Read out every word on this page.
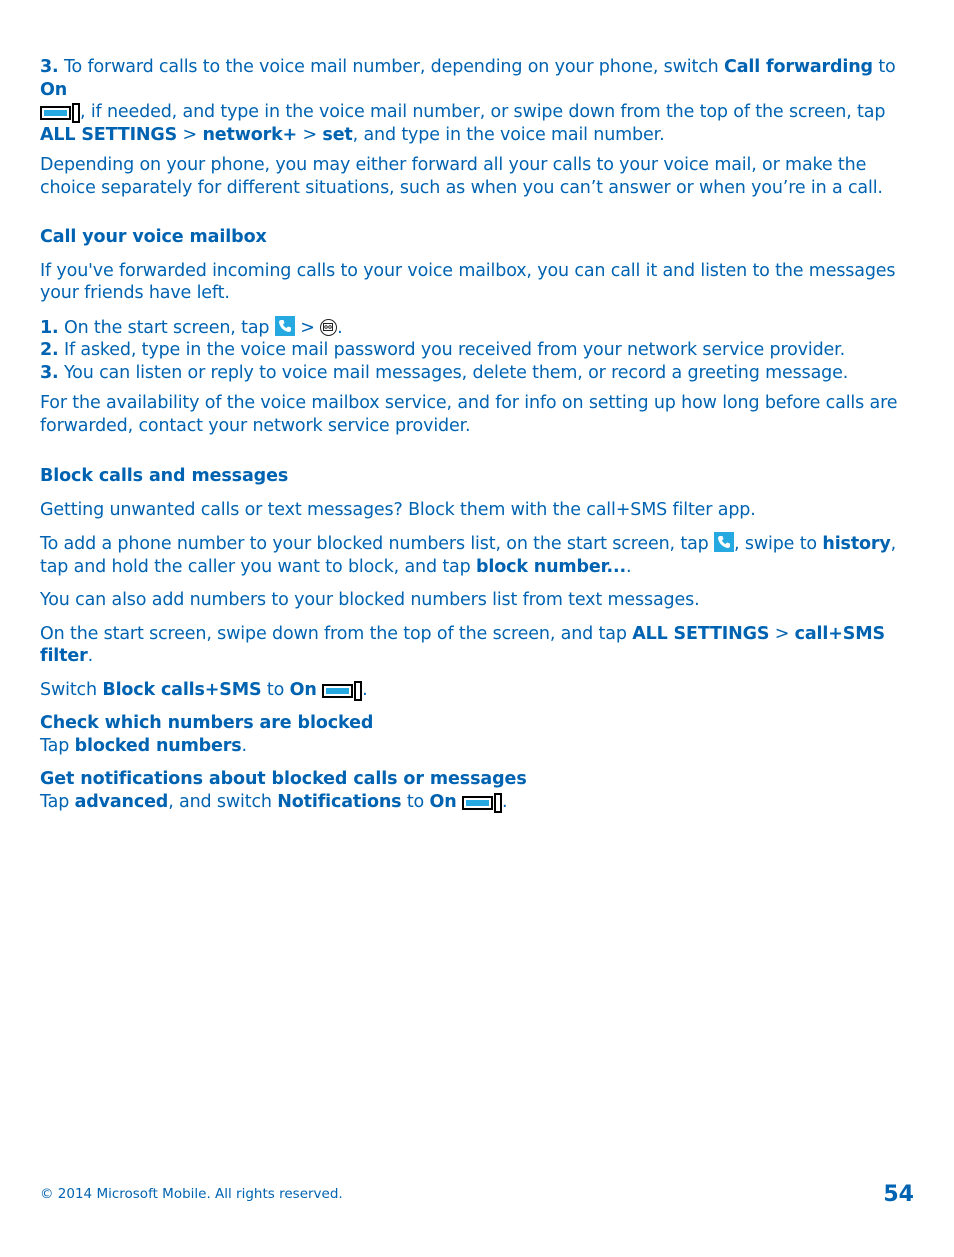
3. To forward calls to the voice mail number, depending on your phone, switch Call forwarding to On

, if needed, and type in the voice mail number, or swipe down from the top of the screen, tap ALL SETTINGS > network+ > set, and type in the voice mail number.

Depending on your phone, you may either forward all your calls to your voice mail, or make the choice separately for different situations, such as when you can’t answer or when you’re in a call.

Call your voice mailbox

If you've forwarded incoming calls to your voice mailbox, you can call it and listen to the messages your friends have left.

1. On the start screen, tap
>
.
2. If asked, type in the voice mail password you received from your network service provider.
3. You can listen or reply to voice mail messages, delete them, or record a greeting message.

For the availability of the voice mailbox service, and for info on setting up how long before calls are forwarded, contact your network service provider.

Block calls and messages

Getting unwanted calls or text messages? Block them with the call+SMS filter app.

To add a phone number to your blocked numbers list, on the start screen, tap
, swipe to history, tap and hold the caller you want to block, and tap block number....

You can also add numbers to your blocked numbers list from text messages.

On the start screen, swipe down from the top of the screen, and tap ALL SETTINGS > call+SMS filter.

Switch Block calls+SMS to On	.

Check which numbers are blocked

Tap blocked numbers.

Get notifications about blocked calls or messages

Tap advanced, and switch Notifications to On	.

© 2014 Microsoft Mobile. All rights reserved.	54
